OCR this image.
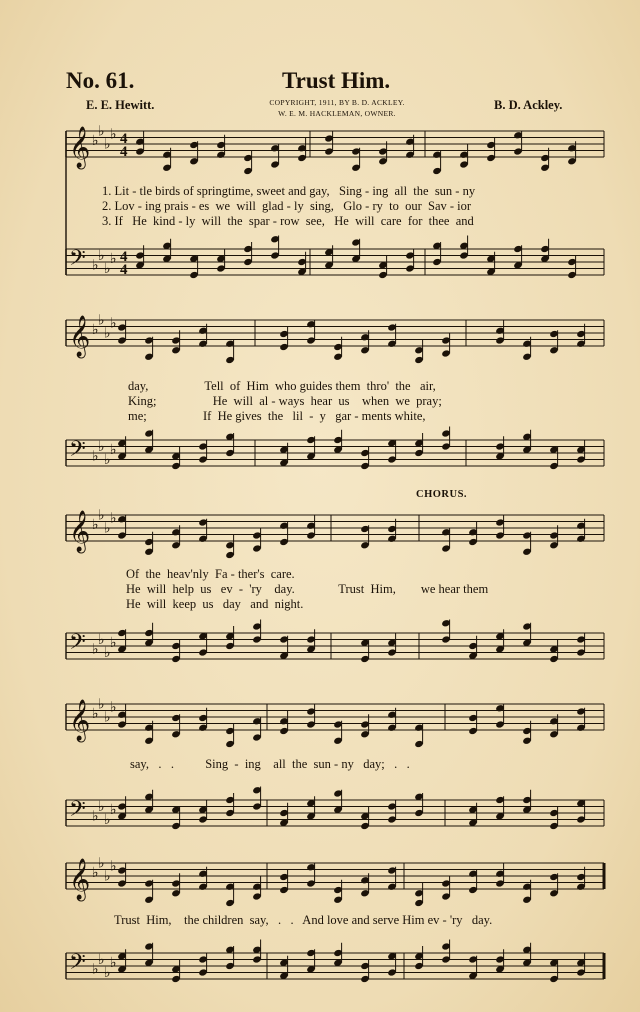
No. 61.	Trust Him.
E. E. Hewitt.	B. D. Ackley.
COPYRIGHT, 1911, BY B. D. ACKLEY.
W. E. M. HACKLEMAN, OWNER.
1. Lit - tle birds of springtime, sweet and gay,   Sing - ing  all  the  sun - ny
2. Lov - ing prais - es  we  will  glad - ly  sing,   Glo - ry  to  our  Sav - ior
3. If   He  kind - ly  will  the  spar - row  see,   He  will  care  for  thee  and
day,                  Tell  of  Him  who guides them  thro'  the   air,
King;                  He  will  al - ways  hear  us    when  we  pray;
me;                  If  He gives  the   lil  -  y   gar - ments white,
CHORUS.
Of  the  heav'nly  Fa - ther's  care.
He  will  help  us   ev  -  'ry    day.              Trust  Him,        we hear them
He  will  keep  us   day   and  night.
say,   .   .          Sing  -  ing    all  the  sun - ny   day;   .   .
Trust  Him,    the children  say,   .   .   And love and serve Him ev - 'ry   day.
𝄞 ♭
♭
♭
♭
𝄢 ♭
♭
♭
♭
4
4
4
4
𝄞 ♭
♭
♭
♭
𝄢 ♭
♭
♭
♭
𝄞 ♭
♭
♭
♭
𝄢 ♭
♭
♭
♭
𝄞 ♭
♭
♭
♭
𝄢 ♭
♭
♭
♭
𝄞 ♭
♭
♭
♭
𝄢 ♭
♭
♭
♭
